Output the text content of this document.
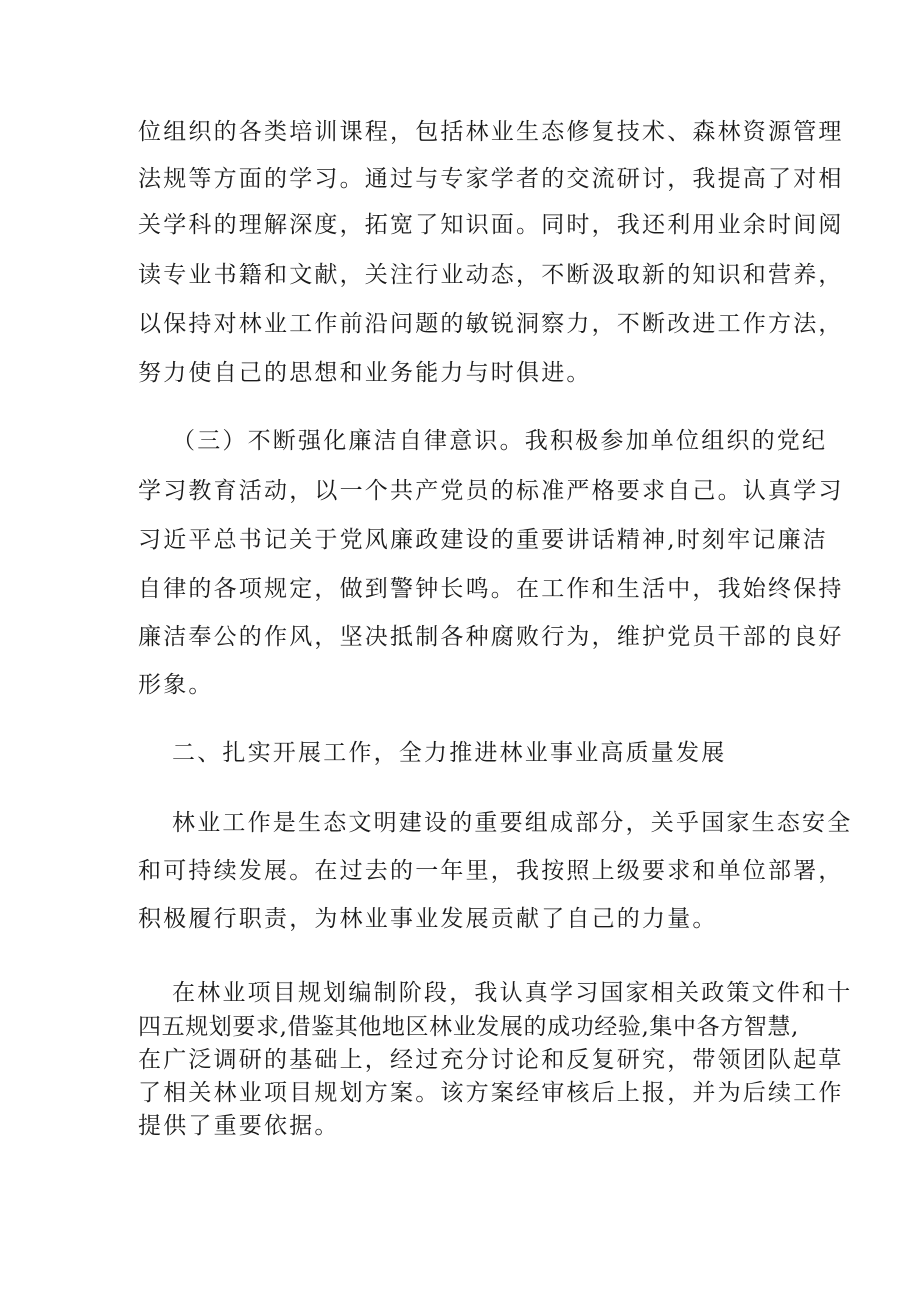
位组织的各类培训课程，包括林业生态修复技术、森林资源管理
法规等方面的学习。通过与专家学者的交流研讨，我提高了对相
关学科的理解深度，拓宽了知识面。同时，我还利用业余时间阅
读专业书籍和文献，关注行业动态，不断汲取新的知识和营养，
以保持对林业工作前沿问题的敏锐洞察力，不断改进工作方法，
努力使自己的思想和业务能力与时俱进。
（三）不断强化廉洁自律意识。我积极参加单位组织的党纪
学习教育活动，以一个共产党员的标准严格要求自己。认真学习
习近平总书记关于党风廉政建设的重要讲话精神,时刻牢记廉洁
自律的各项规定，做到警钟长鸣。在工作和生活中，我始终保持
廉洁奉公的作风，坚决抵制各种腐败行为，维护党员干部的良好
形象。
二、扎实开展工作，全力推进林业事业高质量发展
林业工作是生态文明建设的重要组成部分，关乎国家生态安全
和可持续发展。在过去的一年里，我按照上级要求和单位部署，
积极履行职责，为林业事业发展贡献了自己的力量。
在林业项目规划编制阶段，我认真学习国家相关政策文件和十
四五规划要求,借鉴其他地区林业发展的成功经验,集中各方智慧,
在广泛调研的基础上，经过充分讨论和反复研究，带领团队起草
了相关林业项目规划方案。该方案经审核后上报，并为后续工作
提供了重要依据。
